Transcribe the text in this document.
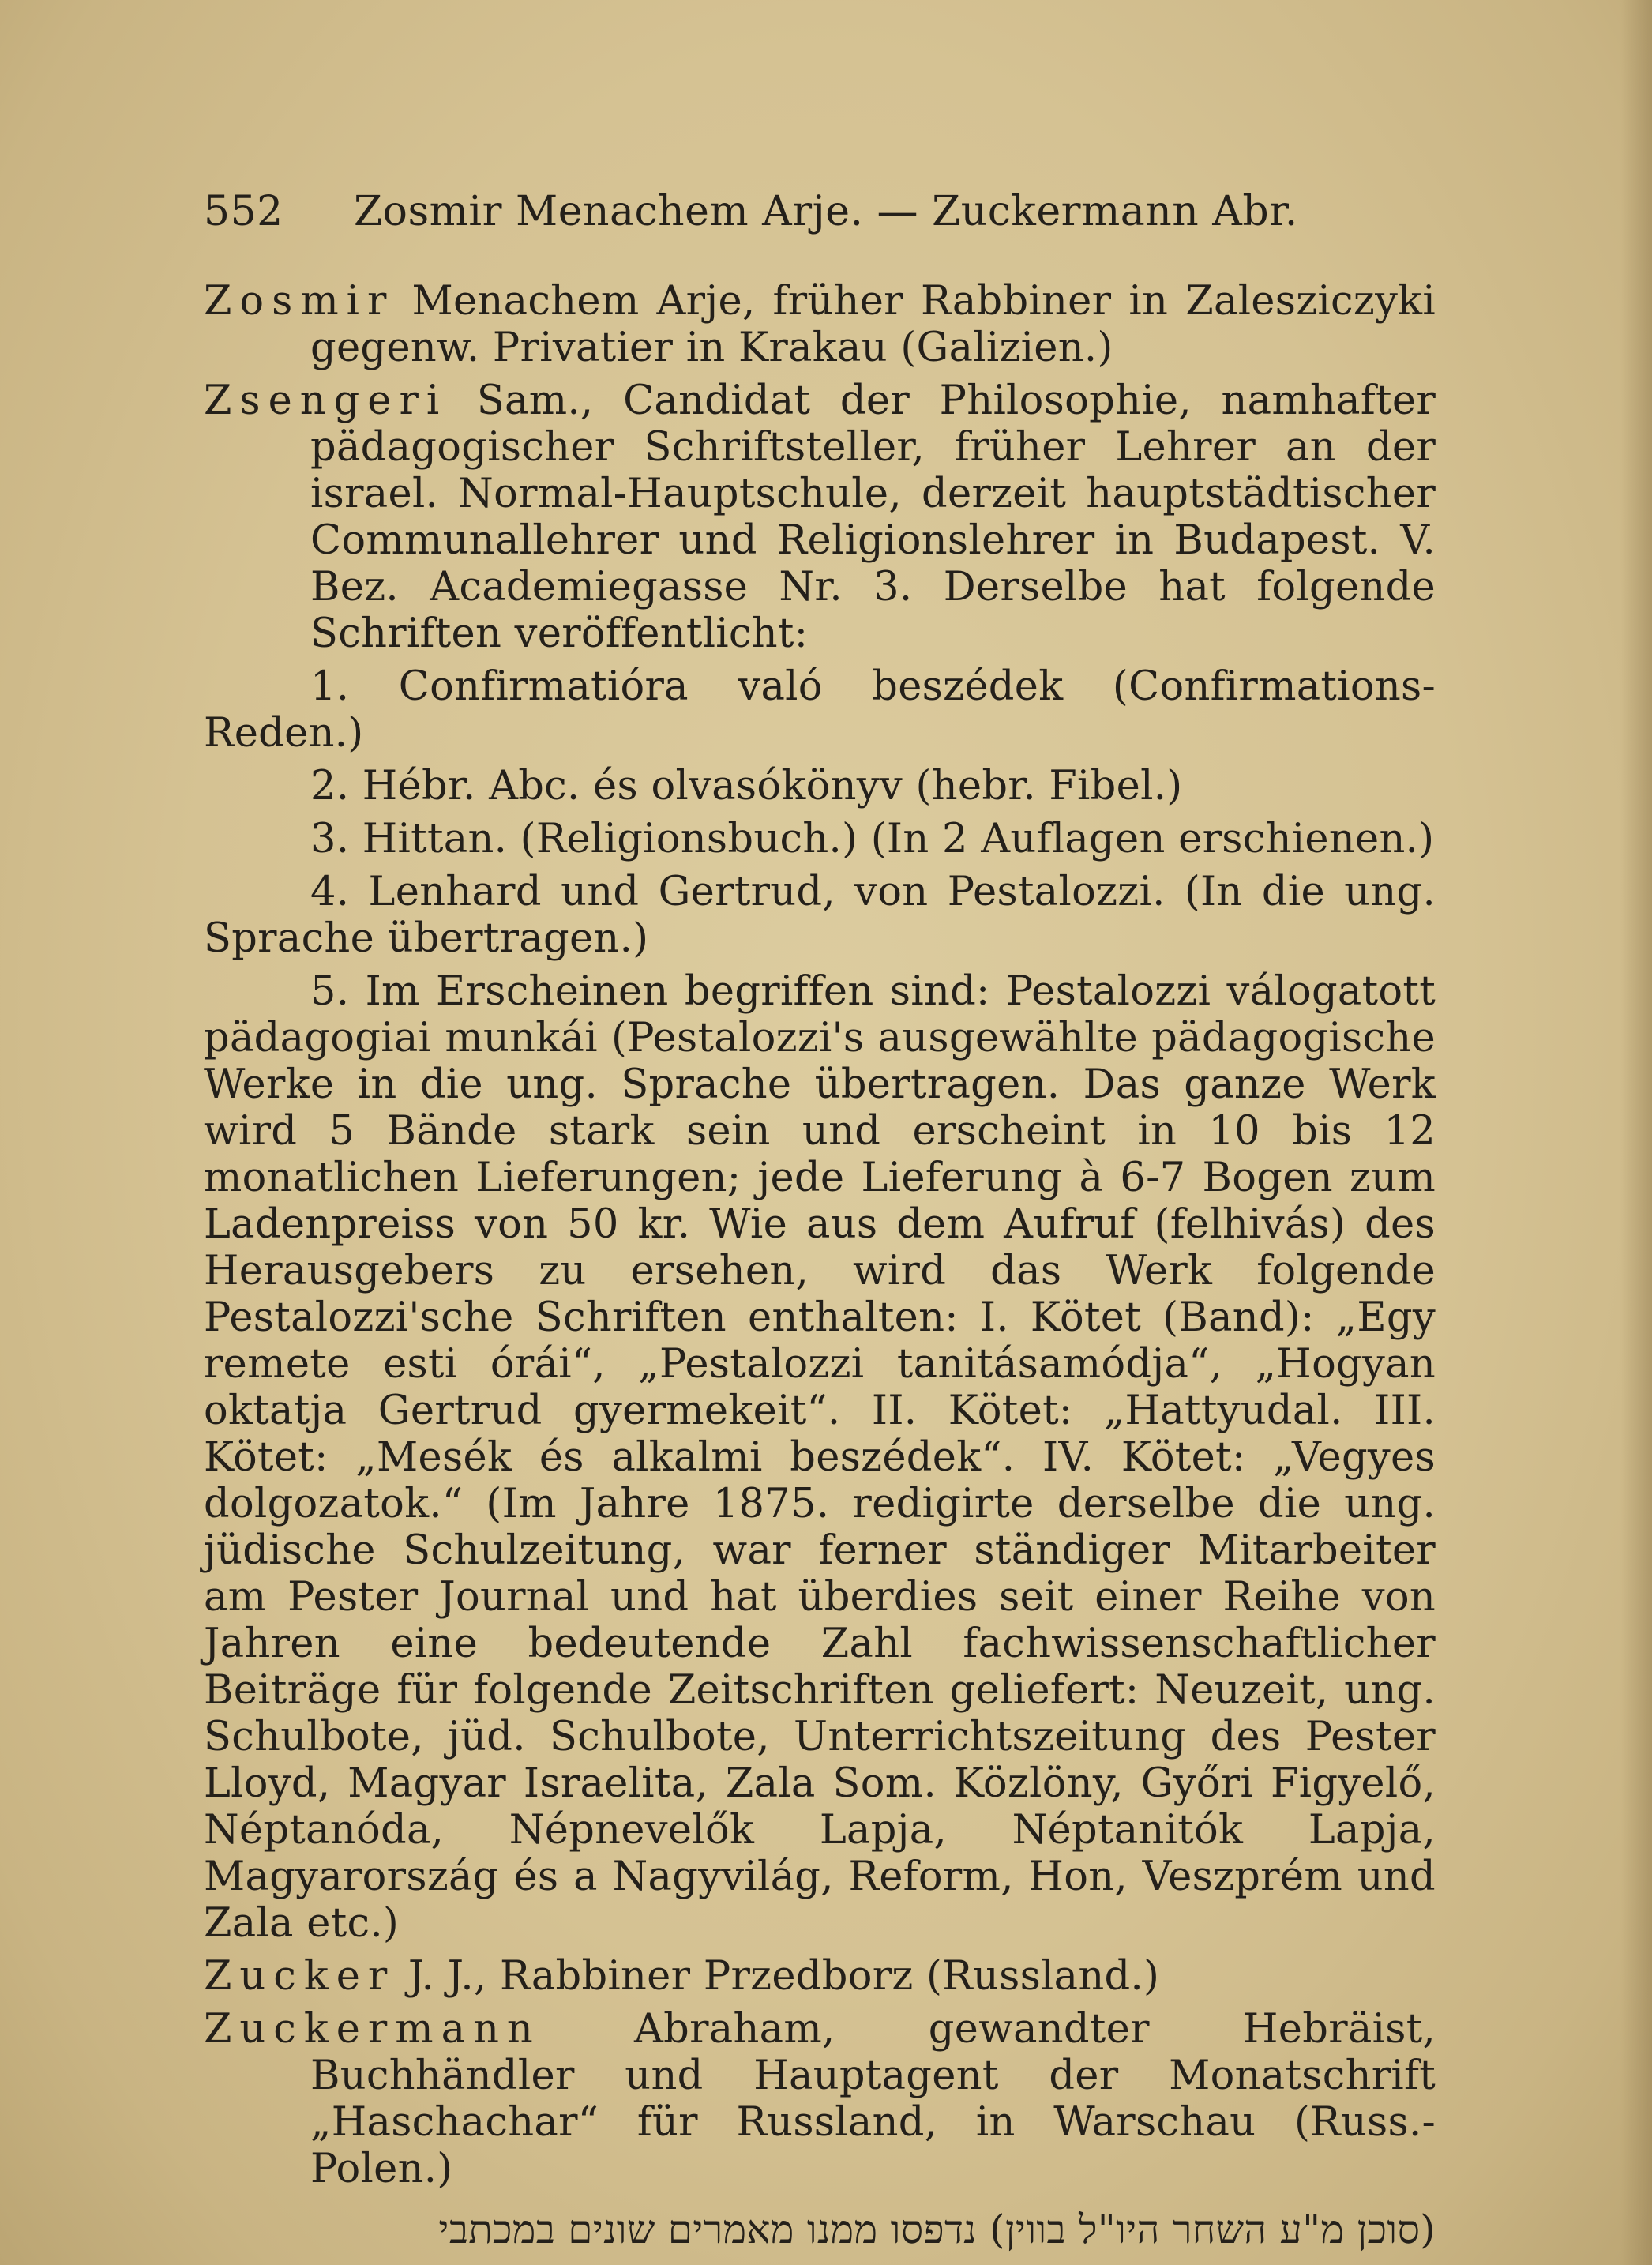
552 Zosmir Menachem Arje. — Zuckermann Abr.

Zosmir Menachem Arje, früher Rabbiner in Zalesziczyki gegenw. Privatier in Krakau (Galizien.)

Zsengeri Sam., Candidat der Philosophie, namhafter pädagogischer Schriftsteller, früher Lehrer an der israel. Normal-Hauptschule, derzeit hauptstädtischer Communallehrer und Religionslehrer in Budapest. V. Bez. Academiegasse Nr. 3. Derselbe hat folgende Schriften veröffentlicht:

1. Confirmatióra való beszédek (Confirmations-Reden.)

2. Hébr. Abc. és olvasókönyv (hebr. Fibel.)

3. Hittan. (Religionsbuch.) (In 2 Auflagen erschienen.)

4. Lenhard und Gertrud, von Pestalozzi. (In die ung. Sprache übertragen.)

5. Im Erscheinen begriffen sind: Pestalozzi válogatott pädagogiai munkái (Pestalozzi's ausgewählte pädagogische Werke in die ung. Sprache übertragen. Das ganze Werk wird 5 Bände stark sein und erscheint in 10 bis 12 monatlichen Lieferungen; jede Lieferung à 6-7 Bogen zum Ladenpreiss von 50 kr. Wie aus dem Aufruf (felhivás) des Herausgebers zu ersehen, wird das Werk folgende Pestalozzi'sche Schriften enthalten: I. Kötet (Band): „Egy remete esti órái“, „Pestalozzi tanitásamódja“, „Hogyan oktatja Gertrud gyermekeit“. II. Kötet: „Hattyudal. III. Kötet: „Mesék és alkalmi beszédek“. IV. Kötet: „Vegyes dolgozatok.“ (Im Jahre 1875. redigirte derselbe die ung. jüdische Schulzeitung, war ferner ständiger Mitarbeiter am Pester Journal und hat überdies seit einer Reihe von Jahren eine bedeutende Zahl fachwissenschaftlicher Beiträge für folgende Zeitschriften geliefert: Neuzeit, ung. Schulbote, jüd. Schulbote, Unterrichtszeitung des Pester Lloyd, Magyar Israelita, Zala Som. Közlöny, Győri Figyelő, Néptanóda, Népnevelők Lapja, Néptanitók Lapja, Magyarország és a Nagyvilág, Reform, Hon, Veszprém und Zala etc.)

Zucker J. J., Rabbiner Przedborz (Russland.)

Zuckermann Abraham, gewandter Hebräist, Buchhändler und Hauptagent der Monatschrift „Haschachar“ für Russland, in Warschau (Russ.-Polen.)

(סוכן מ"ע השחר היו"ל בווין) נדפסו ממנו מאמרים שונים במכתבי
